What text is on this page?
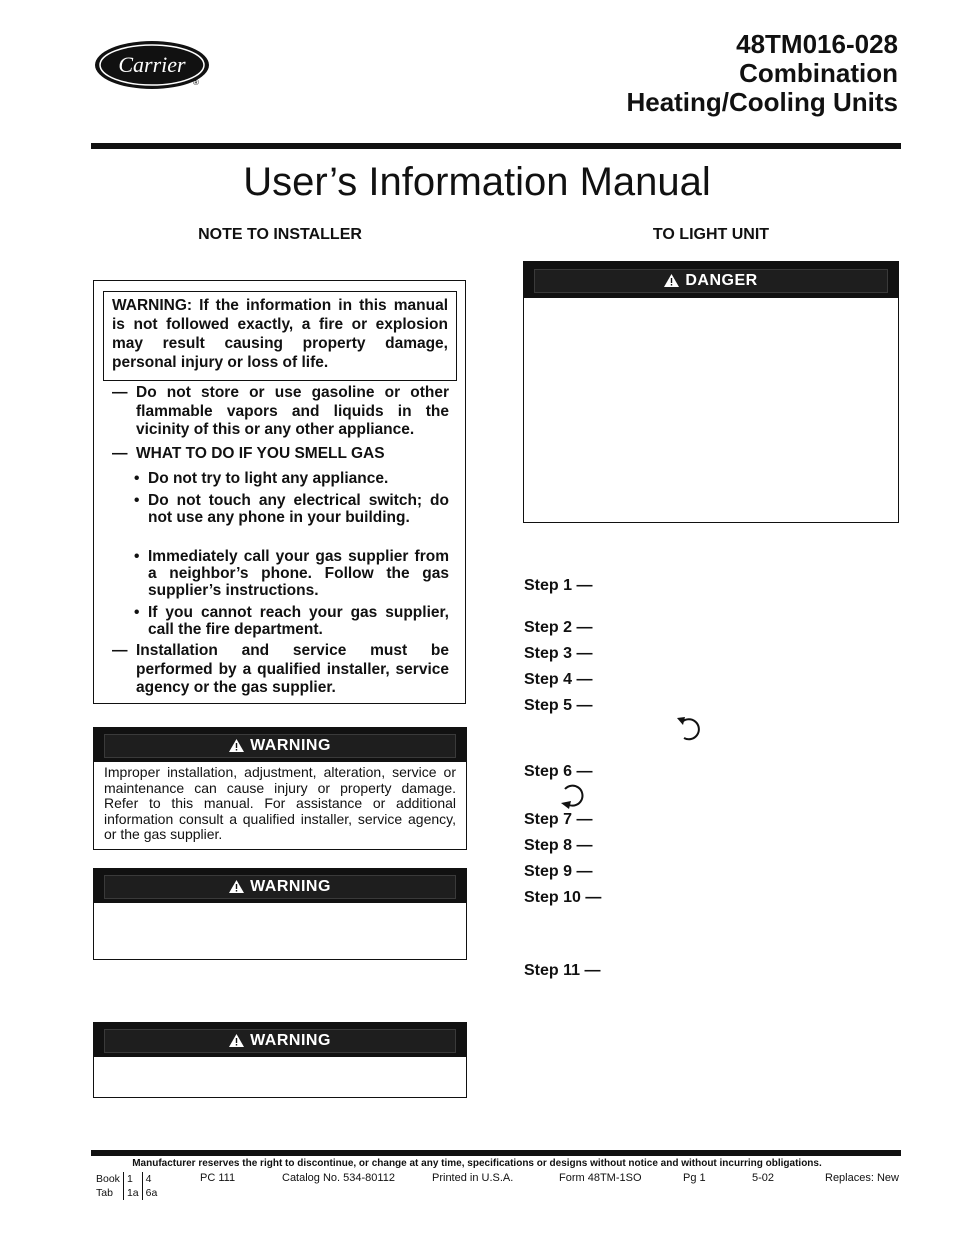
Carrier
®
48TM016-028
Combination
Heating/Cooling Units
User’s Information Manual
NOTE TO INSTALLER	TO LIGHT UNIT
WARNING: If the information in this manual is not followed exactly, a fire or explosion may result causing property damage, personal injury or loss of life.
— Do not store or use gasoline or other flammable vapors and liquids in the vicinity of this or any other appliance.
— WHAT TO DO IF YOU SMELL GAS
• Do not try to light any appliance.
• Do not touch any electrical switch; do not use any phone in your building.
• Immediately call your gas supplier from a neighbor’s phone. Follow the gas supplier’s instructions.
• If you cannot reach your gas supplier, call the fire department.
— Installation and service must be performed by a qualified installer, service agency or the gas supplier.
WARNING
Improper installation, adjustment, alteration, service or maintenance can cause injury or property damage. Refer to this manual. For assistance or additional information consult a qualified installer, service agency, or the gas supplier.
WARNING
WARNING
DANGER
Step 1 —
Step 2 —
Step 3 —
Step 4 —
Step 5 —
Step 6 —
Step 7 —
Step 8 —
Step 9 —
Step 10 —
Step 11 —
Manufacturer reserves the right to discontinue, or change at any time, specifications or designs without notice and without incurring obligations.
Book	1	4
Tab	1a	6a
PC 111	Catalog No. 534-80112	Printed in U.S.A.	Form 48TM-1SO	Pg 1	5-02	Replaces: New
